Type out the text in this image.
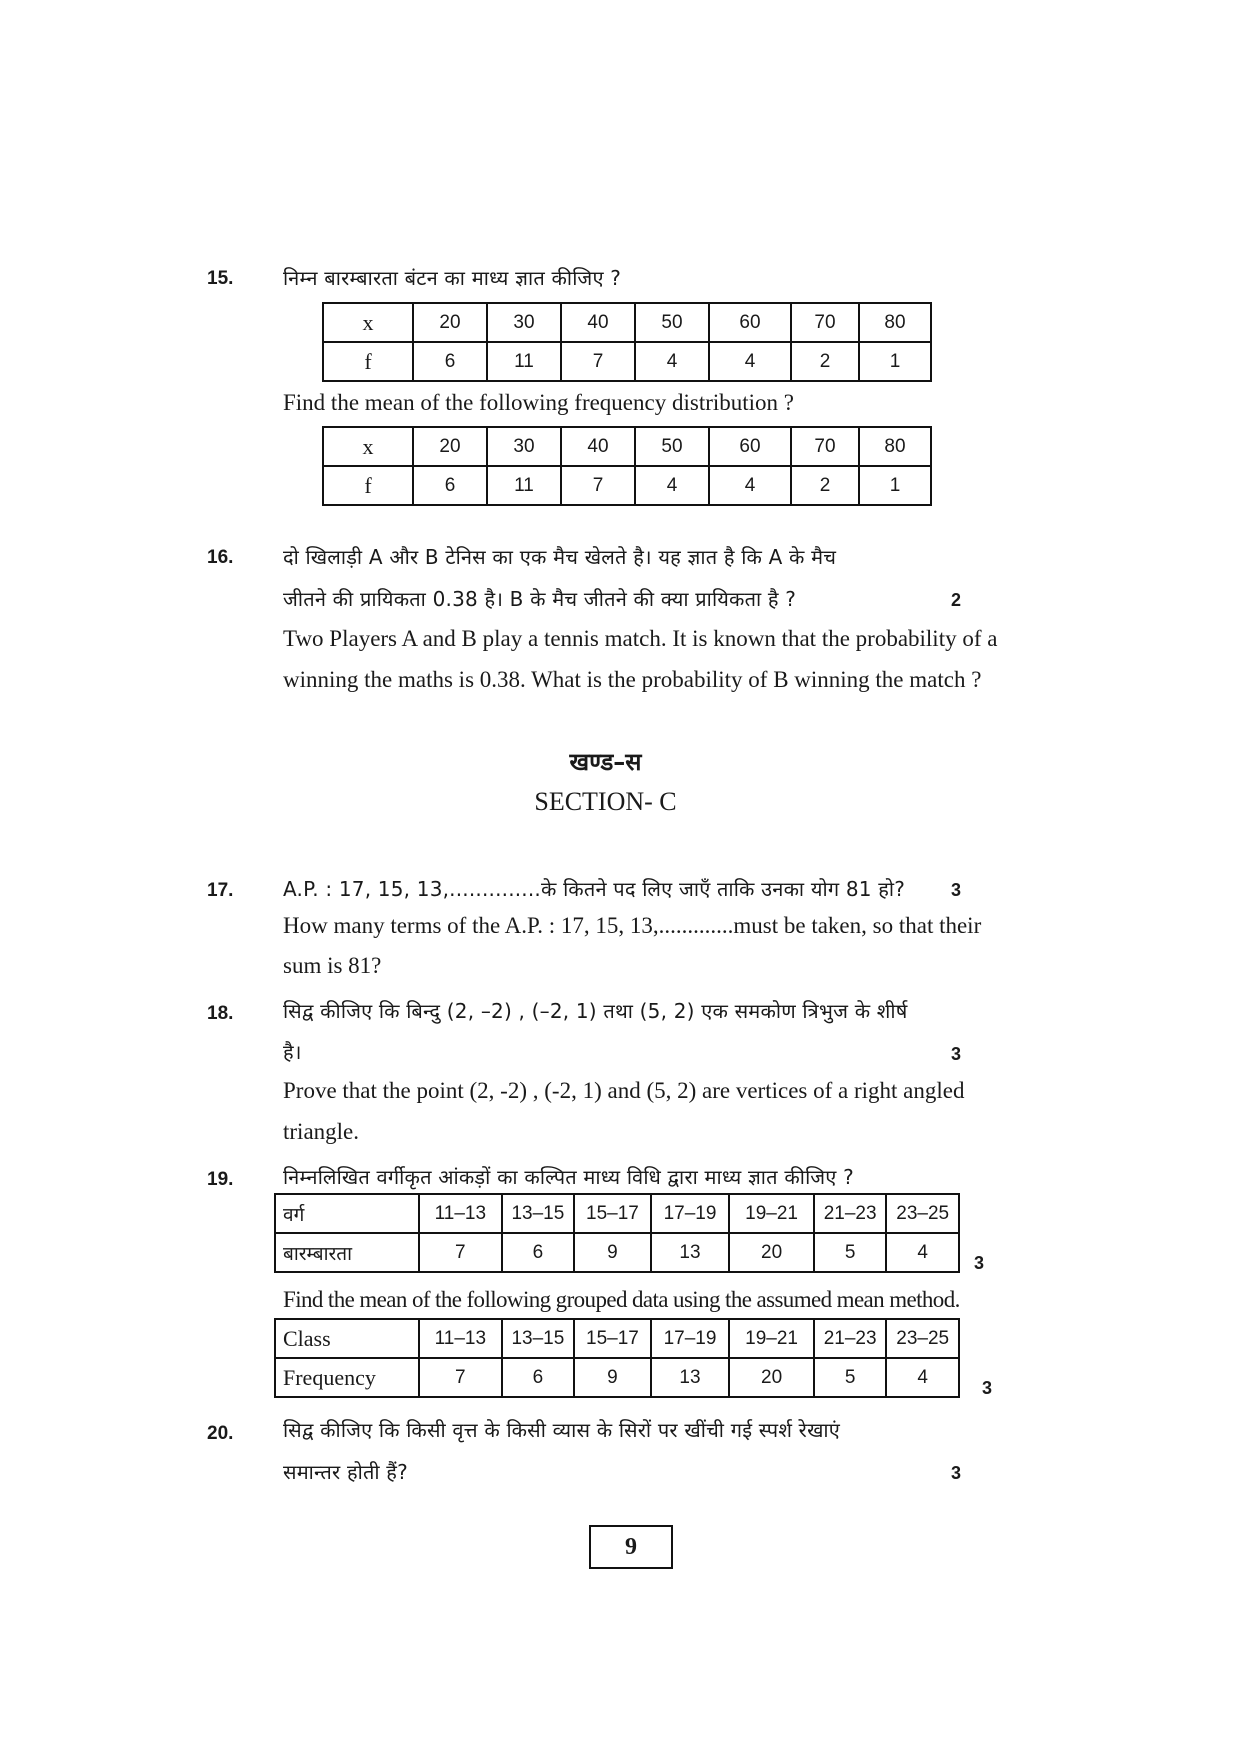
15. निम्न बारम्बारता बंटन का माध्य ज्ञात कीजिए ?
x	20	30	40	50	60	70	80
f	6	11	7	4	4	2	1
Find the mean of the following frequency distribution ?
x	20	30	40	50	60	70	80
f	6	11	7	4	4	2	1
16. दो खिलाड़ी A और B टेनिस का एक मैच खेलते है। यह ज्ञात है कि A के मैच
जीतने की प्रायिकता 0.38 है। B के मैच जीतने की क्या प्रायिकता है ?	2
Two Players A and B play a tennis match. It is known that the probability of a
winning the maths is 0.38. What is the probability of B winning the match ?
खण्ड–स
SECTION- C
17. A.P. : 17, 15, 13,..............के कितने पद लिए जाएँ ताकि उनका योग 81 हो?	3
How many terms of the A.P. : 17, 15, 13,.............must be taken, so that their
sum is 81?
18. सिद्व कीजिए कि बिन्दु (2, –2) , (–2, 1) तथा (5, 2) एक समकोण त्रिभुज के शीर्ष
है।	3
Prove that the point (2, -2) , (-2, 1) and (5, 2) are vertices of a right angled
triangle.
19. निम्नलिखित वर्गीकृत आंकड़ों का कल्पित माध्य विधि द्वारा माध्य ज्ञात कीजिए ?
वर्ग	11–13	13–15	15–17	17–19	19–21	21–23	23–25
बारम्बारता	7	6	9	13	20	5	4
3
Find the mean of the following grouped data using the assumed mean method.
Class	11–13	13–15	15–17	17–19	19–21	21–23	23–25
Frequency	7	6	9	13	20	5	4
3
20. सिद्व कीजिए कि किसी वृत्त के किसी व्यास के सिरों पर खींची गई स्पर्श रेखाएं
समान्तर होती हैं?	3
9
